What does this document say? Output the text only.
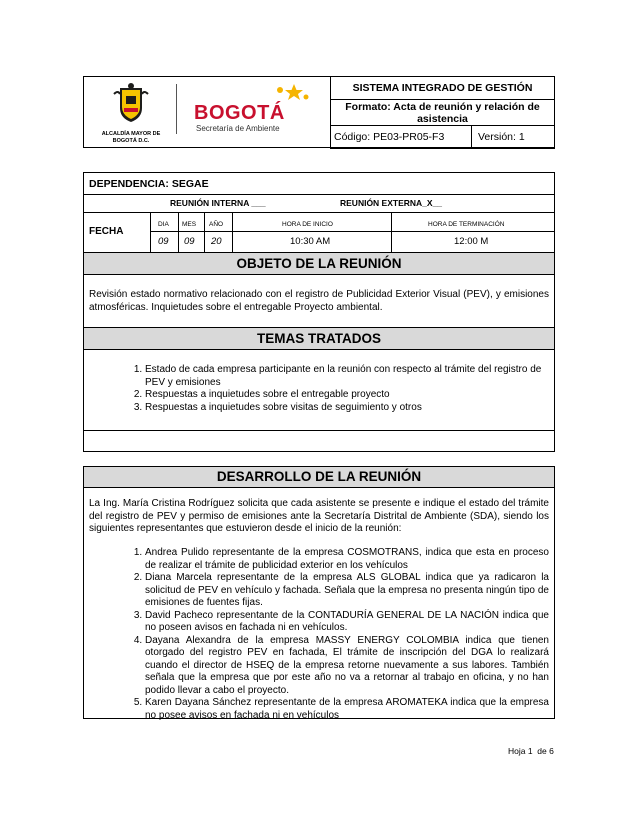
ALCALDÍA MAYOR DE BOGOTÁ D.C.
BOGOTÁ
Secretaría de Ambiente
SISTEMA INTEGRADO DE GESTIÓN
Formato: Acta de reunión y relación de
asistencia
Código: PE03-PR05-F3	Versión: 1
DEPENDENCIA: SEGAE
REUNIÓN INTERNA ___	REUNIÓN EXTERNA_X__
FECHA
DIA MES AÑO	HORA DE INICIO	HORA DE TERMINACIÓN
09 09 20	10:30 AM	12:00 M
OBJETO DE LA REUNIÓN
Revisión estado normativo relacionado con el registro de Publicidad Exterior Visual (PEV), y emisiones atmosféricas. Inquietudes sobre el entregable Proyecto ambiental.
TEMAS TRATADOS
1. Estado de cada empresa participante en la reunión con respecto al trámite del registro de PEV y emisiones
2. Respuestas a inquietudes sobre el entregable proyecto
3. Respuestas a inquietudes sobre visitas de seguimiento y otros
DESARROLLO DE LA REUNIÓN
La Ing. María Cristina Rodríguez solicita que cada asistente se presente e indique el estado del trámite del registro de PEV y permiso de emisiones ante la Secretaría Distrital de Ambiente (SDA), siendo los siguientes representantes que estuvieron desde el inicio de la reunión:
1. Andrea Pulido representante de la empresa COSMOTRANS, indica que esta en proceso de realizar el trámite de publicidad exterior en los vehículos
2. Diana Marcela representante de la empresa ALS GLOBAL indica que ya radicaron la solicitud de PEV en vehículo y fachada. Señala que la empresa no presenta ningún tipo de emisiones de fuentes fijas.
3. David Pacheco representante de la CONTADURÍA GENERAL DE LA NACIÓN indica que no poseen avisos en fachada ni en vehículos.
4. Dayana Alexandra de la empresa MASSY ENERGY COLOMBIA indica que tienen otorgado del registro PEV en fachada, El trámite de inscripción del DGA lo realizará cuando el director de HSEQ de la empresa retorne nuevamente a sus labores. También señala que la empresa que por este año no va a retornar al trabajo en oficina, y no han podido llevar a cabo el proyecto.
5. Karen Dayana Sánchez representante de la empresa AROMATEKA indica que la empresa no posee avisos en fachada ni en vehículos
Hoja 1  de 6
